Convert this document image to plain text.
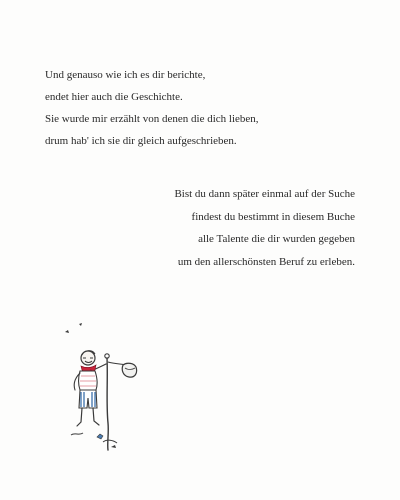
Und genauso wie ich es dir berichte,
endet hier auch die Geschichte.
Sie wurde mir erzählt von denen die dich lieben,
drum hab' ich sie dir gleich aufgeschrieben.
Bist du dann später einmal auf der Suche
findest du bestimmt in diesem Buche
alle Talente die dir wurden gegeben
um den allerschönsten Beruf zu erleben.
